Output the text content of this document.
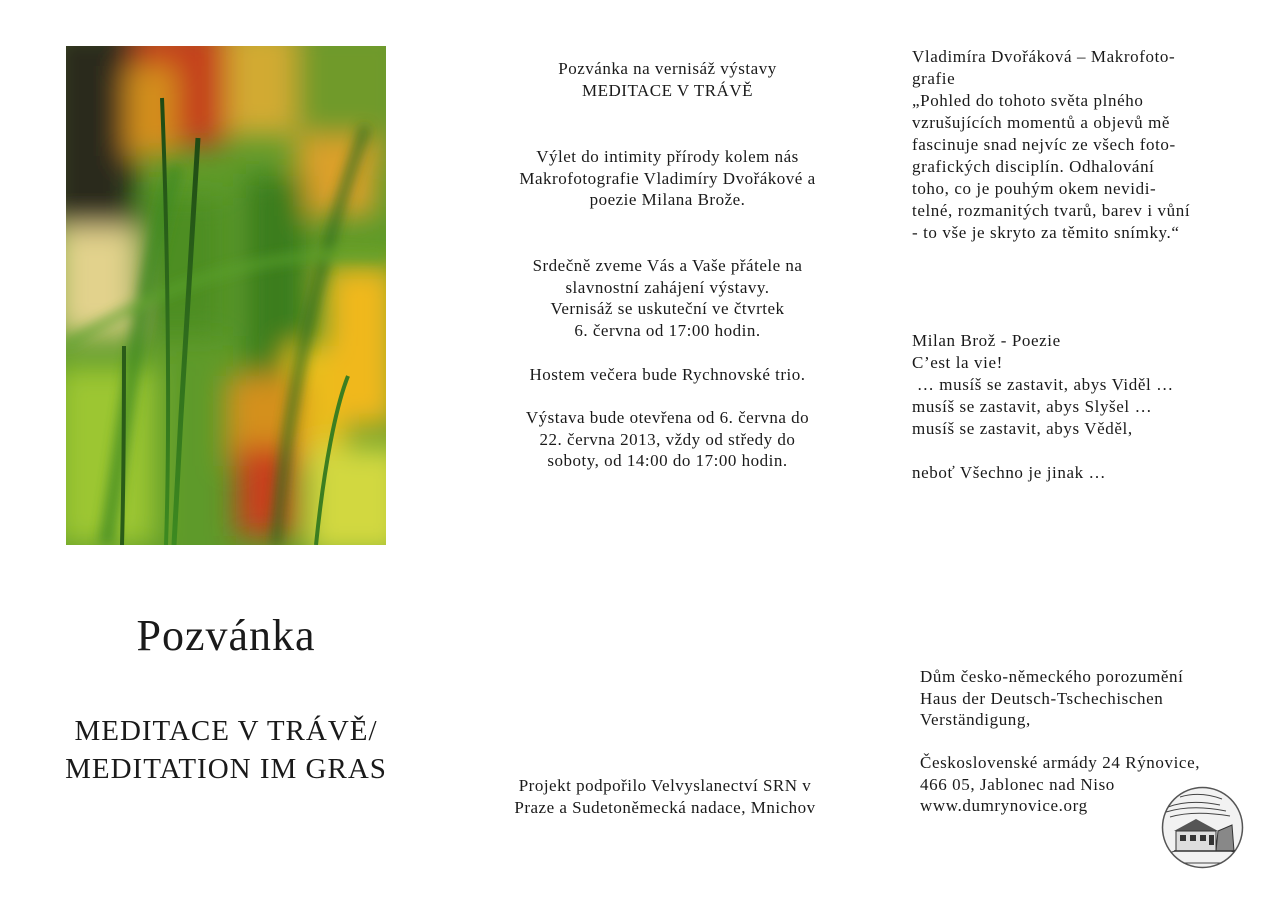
Pozvánka
MEDITACE V TRÁVĚ/
MEDITATION IM GRAS
Pozvánka na vernisáž výstavy
MEDITACE V TRÁVĚ
Výlet do intimity přírody kolem nás
Makrofotografie Vladimíry Dvořákové a
poezie Milana Brože.
Srdečně zveme Vás a Vaše přátele na
slavnostní zahájení výstavy.
Vernisáž se uskuteční ve čtvrtek
6. června od 17:00 hodin.
Hostem večera bude Rychnovské trio.
Výstava bude otevřena od 6. června do
22. června 2013, vždy od středy do
soboty, od 14:00 do 17:00 hodin.
Projekt podpořilo Velvyslanectví SRN v
Praze a Sudetoněmecká nadace, Mnichov
Vladimíra Dvořáková – Makrofoto-
grafie
„Pohled do tohoto světa plného
vzrušujících momentů a objevů mě
fascinuje snad nejvíc ze všech foto-
grafických disciplín. Odhalování
toho, co je pouhým okem nevidi-
telné, rozmanitých tvarů, barev i vůní
- to vše je skryto za těmito snímky.“
Milan Brož - Poezie
C’est la vie!
… musíš se zastavit, abys Viděl …
musíš se zastavit, abys Slyšel …
musíš se zastavit, abys Věděl,
neboť Všechno je jinak …
Dům česko-německého porozumění
Haus der Deutsch-Tschechischen
Verständigung,
Československé armády 24 Rýnovice,
466 05, Jablonec nad Niso
www.dumrynovice.org
